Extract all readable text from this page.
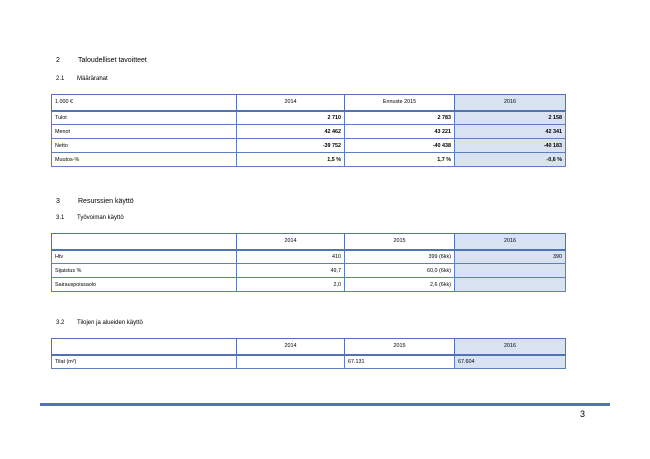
2	Taloudelliset tavoitteet
2.1 Määrärahat
1.000 €	2014	Ennuste 2015	2016
Tulot	2 710	2 783	2 158
Menot	42 462	43 221	42 341
Netto	-39 752	-40 438	-40 183
Muutos-%	1,5 %	1,7 %	-0,6 %
3	Resurssien käyttö
3.1 Työvoiman käyttö
	2014	2015	2016
Htv	410	399 (6kk)	390
Sijaistus %	49,7	60,0 (6kk)	
Sairauspoissaolo	2,0	2,6 (6kk)	
3.2 Tilojen ja alueiden käyttö
	2014	2015	2016
Tilat (m²)		67.131	67.604
3
